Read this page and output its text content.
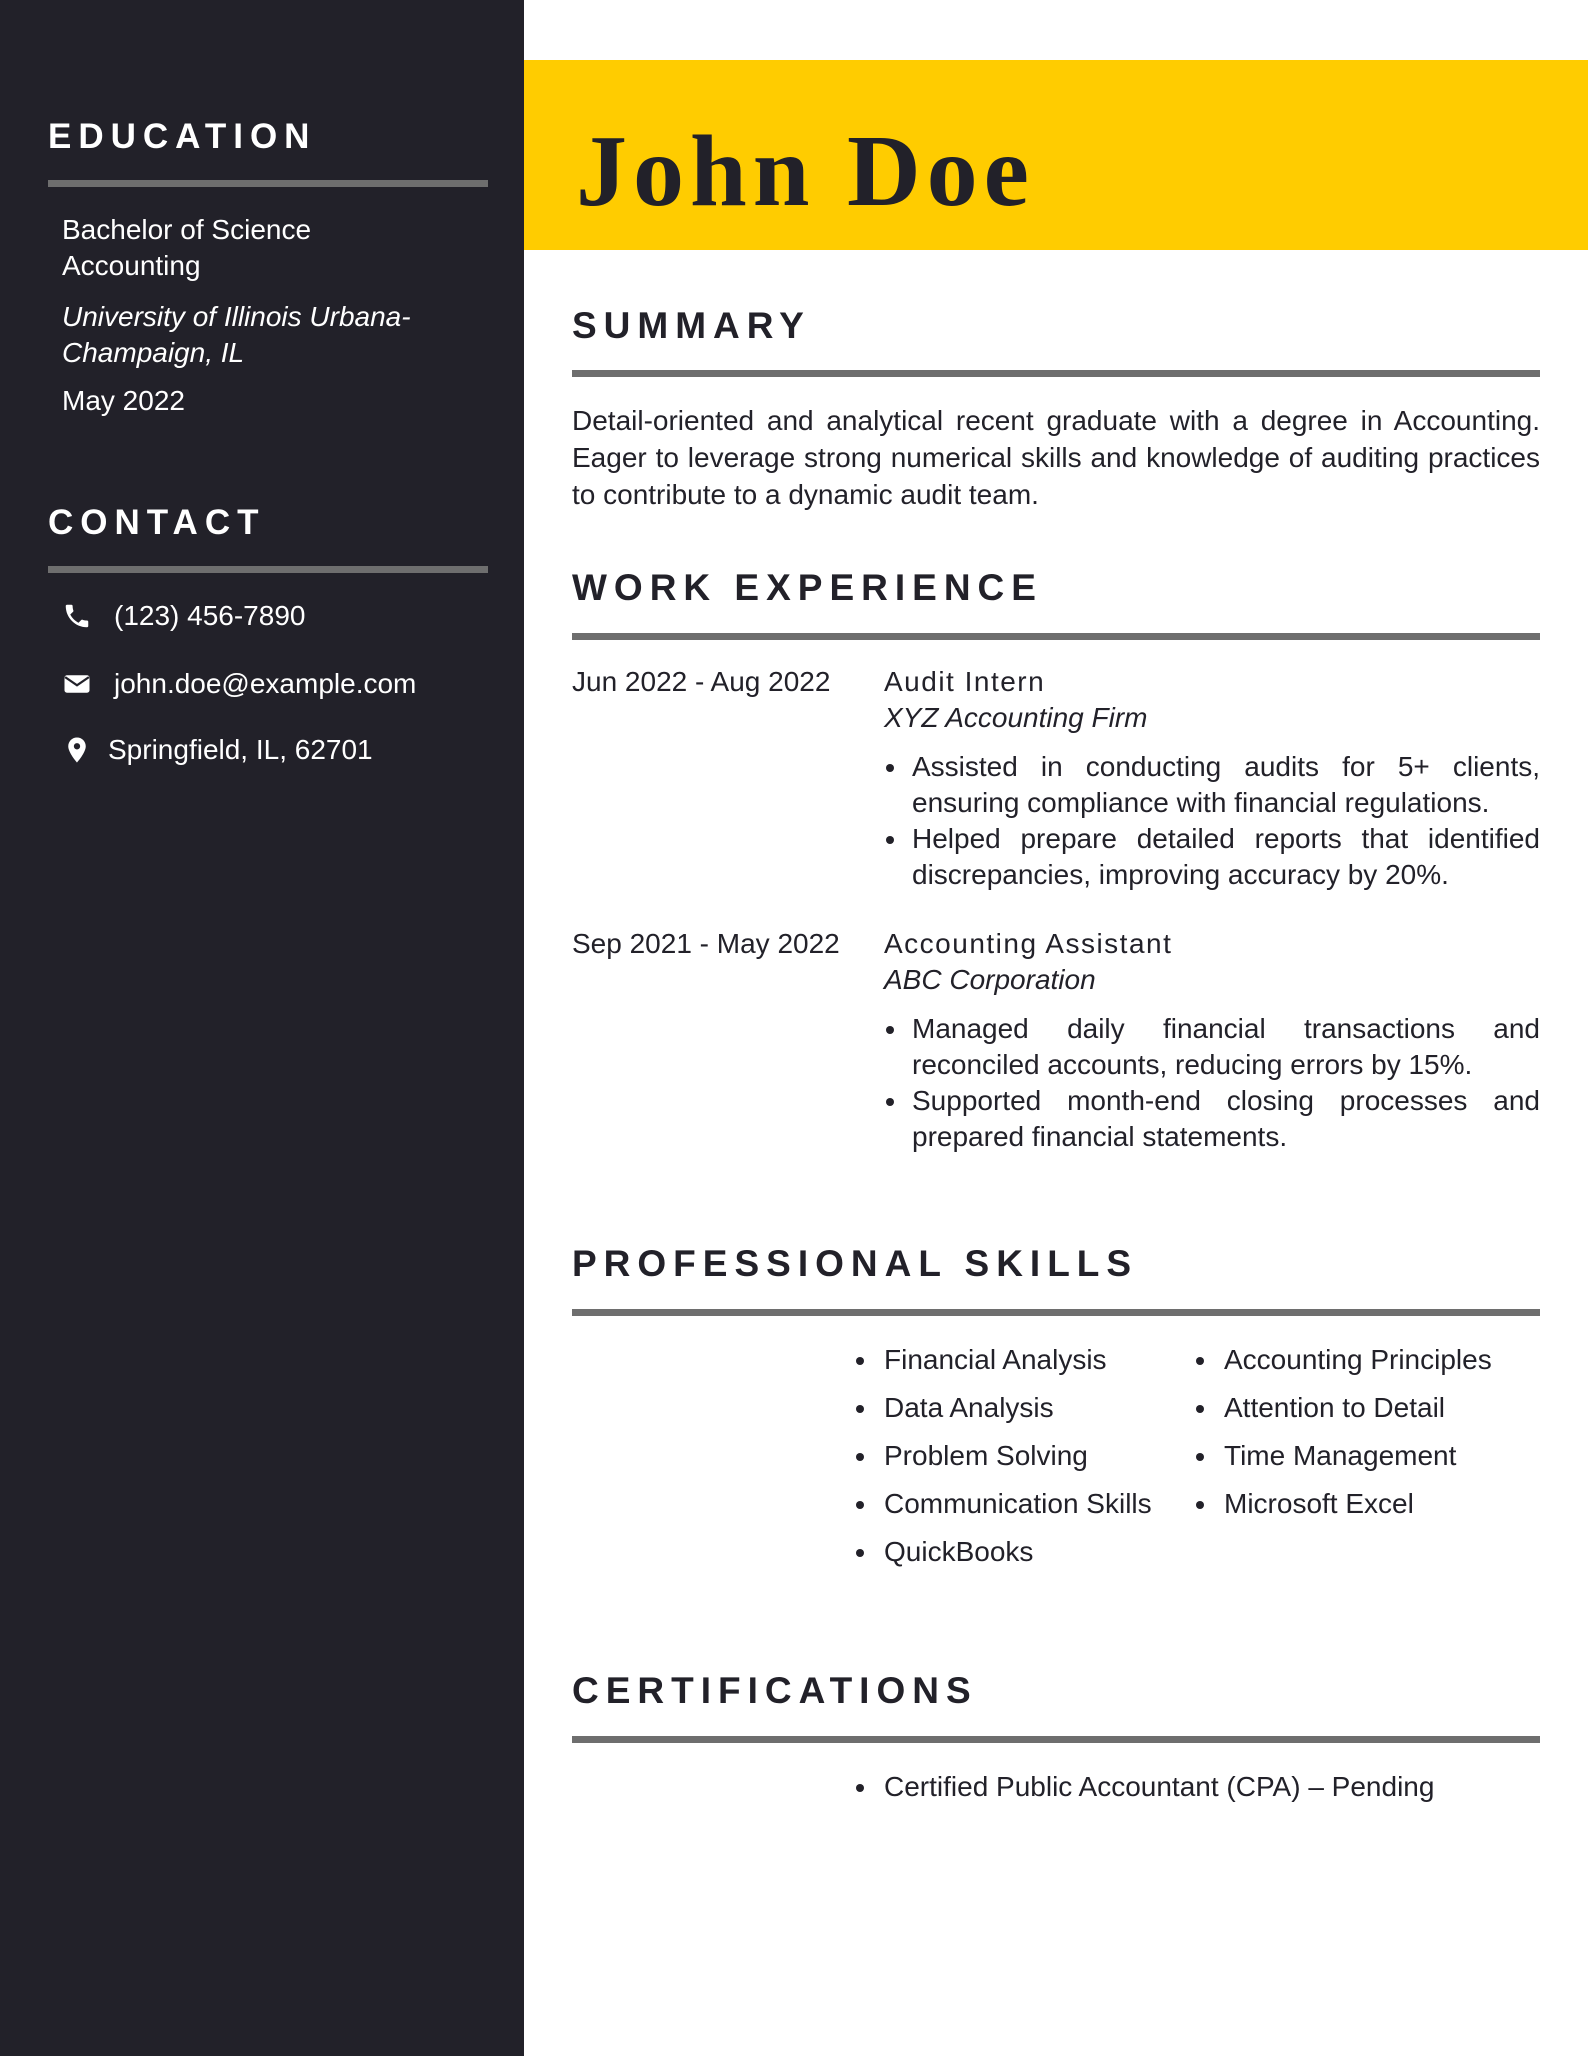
EDUCATION

Bachelor of Science Accounting

University of Illinois Urbana-Champaign, IL

May 2022

CONTACT
(123) 456-7890
john.doe@example.com
Springfield, IL, 62701
John Doe
SUMMARY

Detail-oriented and analytical recent graduate with a degree in Accounting. Eager to leverage strong numerical skills and knowledge of auditing practices to contribute to a dynamic audit team.

WORK EXPERIENCE

Jun 2022 - Aug 2022 Audit Intern

XYZ Accounting Firm

Assisted in conducting audits for 5+ clients, ensuring compliance with financial regulations.
Helped prepare detailed reports that identified discrepancies, improving accuracy by 20%.

Sep 2021 - May 2022 Accounting Assistant

ABC Corporation

Managed daily financial transactions and reconciled accounts, reducing errors by 15%.
Supported month-end closing processes and prepared financial statements.
PROFESSIONAL SKILLS
Financial Analysis
Data Analysis
Problem Solving
Communication Skills
QuickBooks
Accounting Principles
Attention to Detail
Time Management
Microsoft Excel
CERTIFICATIONS
Certified Public Accountant (CPA) – Pending
